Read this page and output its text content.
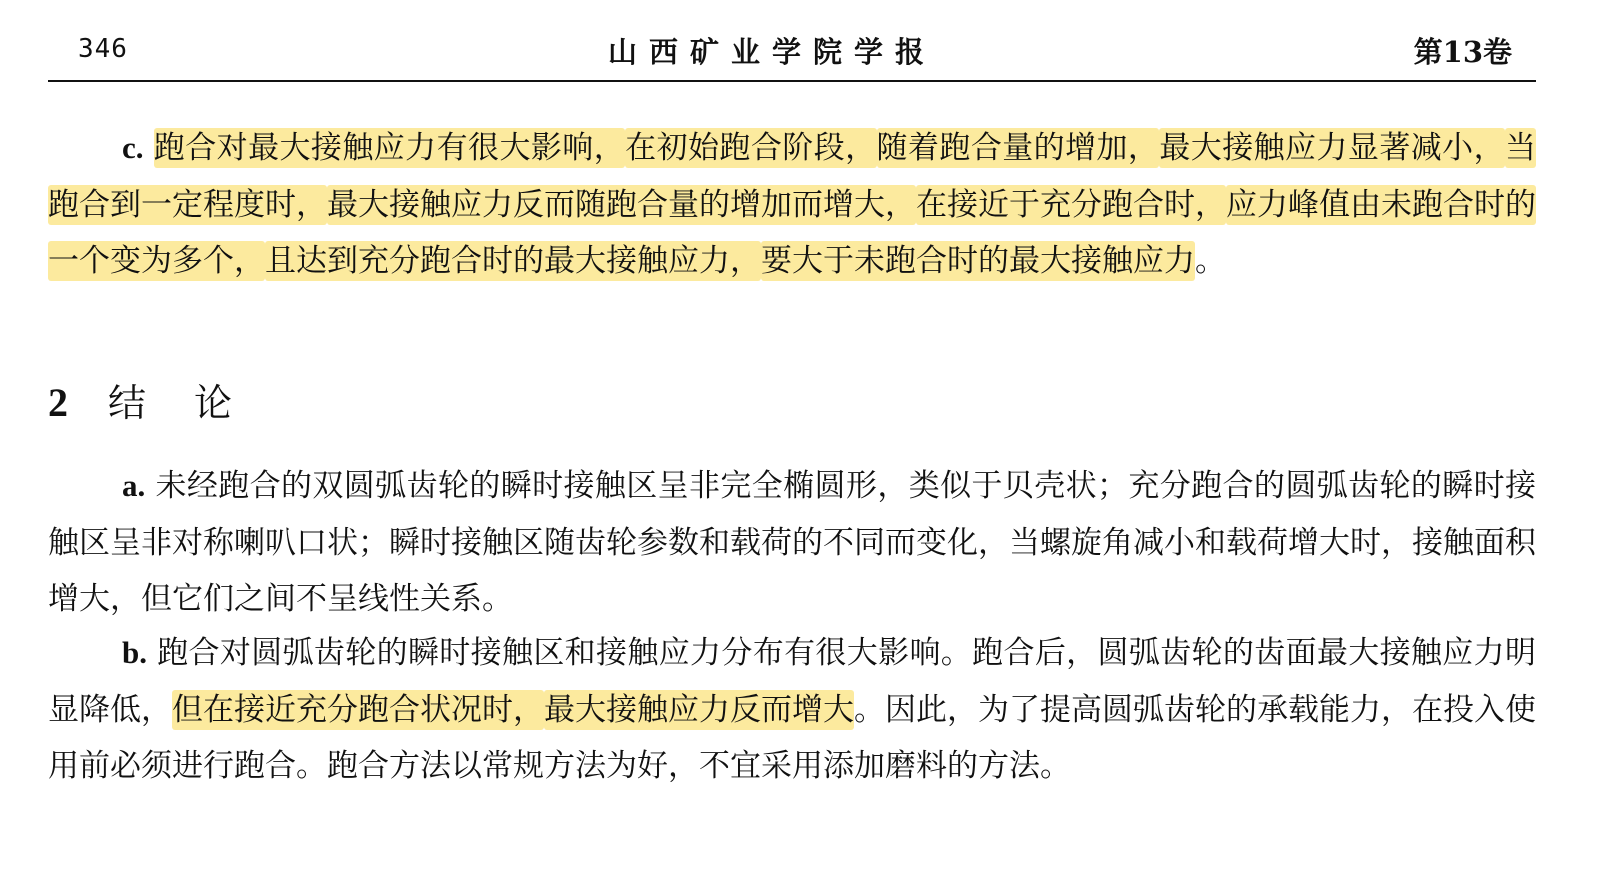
346	山西矿业学院学报	第13卷

c. 跑合对最大接触应力有很大影响，在初始跑合阶段，随着跑合量的增加，最大接触应力显著减小，当跑合到一定程度时，最大接触应力反而随跑合量的增加而增大，在接近于充分跑合时，应力峰值由未跑合时的一个变为多个，且达到充分跑合时的最大接触应力，要大于未跑合时的最大接触应力。

2 结论

a. 未经跑合的双圆弧齿轮的瞬时接触区呈非完全椭圆形，类似于贝壳状；充分跑合的圆弧齿轮的瞬时接触区呈非对称喇叭口状；瞬时接触区随齿轮参数和载荷的不同而变化，当螺旋角减小和载荷增大时，接触面积增大，但它们之间不呈线性关系。

b. 跑合对圆弧齿轮的瞬时接触区和接触应力分布有很大影响。跑合后，圆弧齿轮的齿面最大接触应力明显降低，但在接近充分跑合状况时，最大接触应力反而增大。因此，为了提高圆弧齿轮的承载能力，在投入使用前必须进行跑合。跑合方法以常规方法为好，不宜采用添加磨料的方法。
